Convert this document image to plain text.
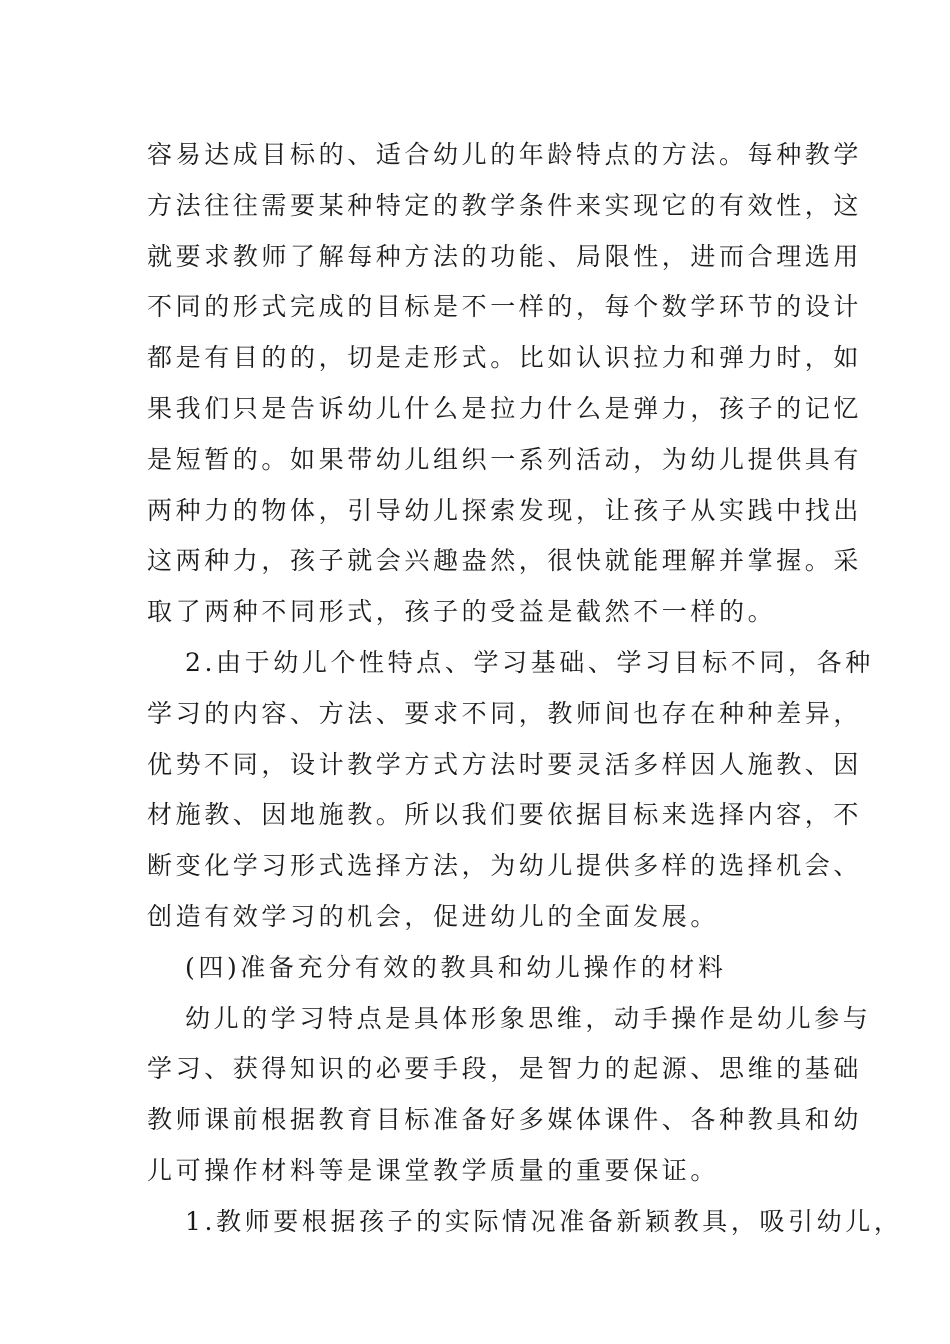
容易达成目标的、适合幼儿的年龄特点的方法。每种教学
方法往往需要某种特定的教学条件来实现它的有效性，这
就要求教师了解每种方法的功能、局限性，进而合理选用
不同的形式完成的目标是不一样的，每个数学环节的设计
都是有目的的，切是走形式。比如认识拉力和弹力时，如
果我们只是告诉幼儿什么是拉力什么是弹力，孩子的记忆
是短暂的。如果带幼儿组织一系列活动，为幼儿提供具有
两种力的物体，引导幼儿探索发现，让孩子从实践中找出
这两种力，孩子就会兴趣盎然，很快就能理解并掌握。采
取了两种不同形式，孩子的受益是截然不一样的。
2.由于幼儿个性特点、学习基础、学习目标不同，各种
学习的内容、方法、要求不同，教师间也存在种种差异，
优势不同，设计教学方式方法时要灵活多样因人施教、因
材施教、因地施教。所以我们要依据目标来选择内容，不
断变化学习形式选择方法，为幼儿提供多样的选择机会、
创造有效学习的机会，促进幼儿的全面发展。
(四)准备充分有效的教具和幼儿操作的材料
幼儿的学习特点是具体形象思维，动手操作是幼儿参与
学习、获得知识的必要手段，是智力的起源、思维的基础
教师课前根据教育目标准备好多媒体课件、各种教具和幼
儿可操作材料等是课堂教学质量的重要保证。
1.教师要根据孩子的实际情况准备新颖教具，吸引幼儿，
